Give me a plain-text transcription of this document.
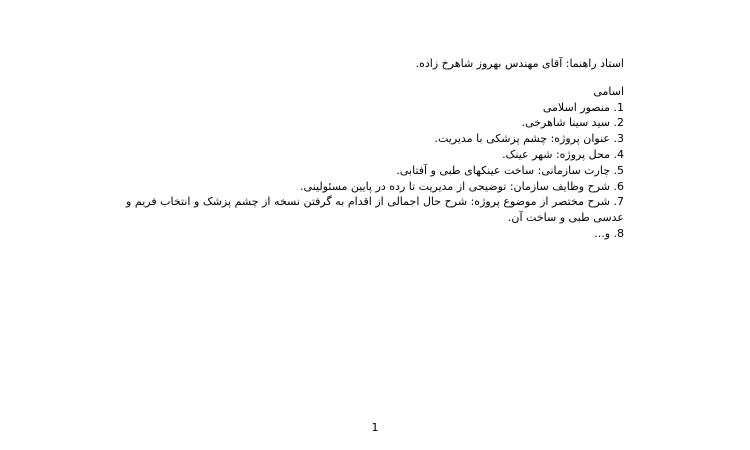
استاد راهنما: آقای مهندس بهروز شاهرخ زاده.

اسامی

1. منصور اسلامی
2. سید سینا شاهرخی.
3. عنوان پروژه: چشم پزشکی با مدیریت.
4. محل پروژه: شهر عینک.
5. چارت سازمانی: ساخت عینکهای طبی و آفتابی.
6. شرح وظایف سازمان: توضیحی از مدیریت تا رده در پایین مسئولینی.
7. شرح مختصر از موضوع پروژه: شرح حال اجمالی از اقدام به گرفتن نسخه از چشم پزشک و انتخاب فریم و عدسی طبی و ساخت آن.
8. و...
1
